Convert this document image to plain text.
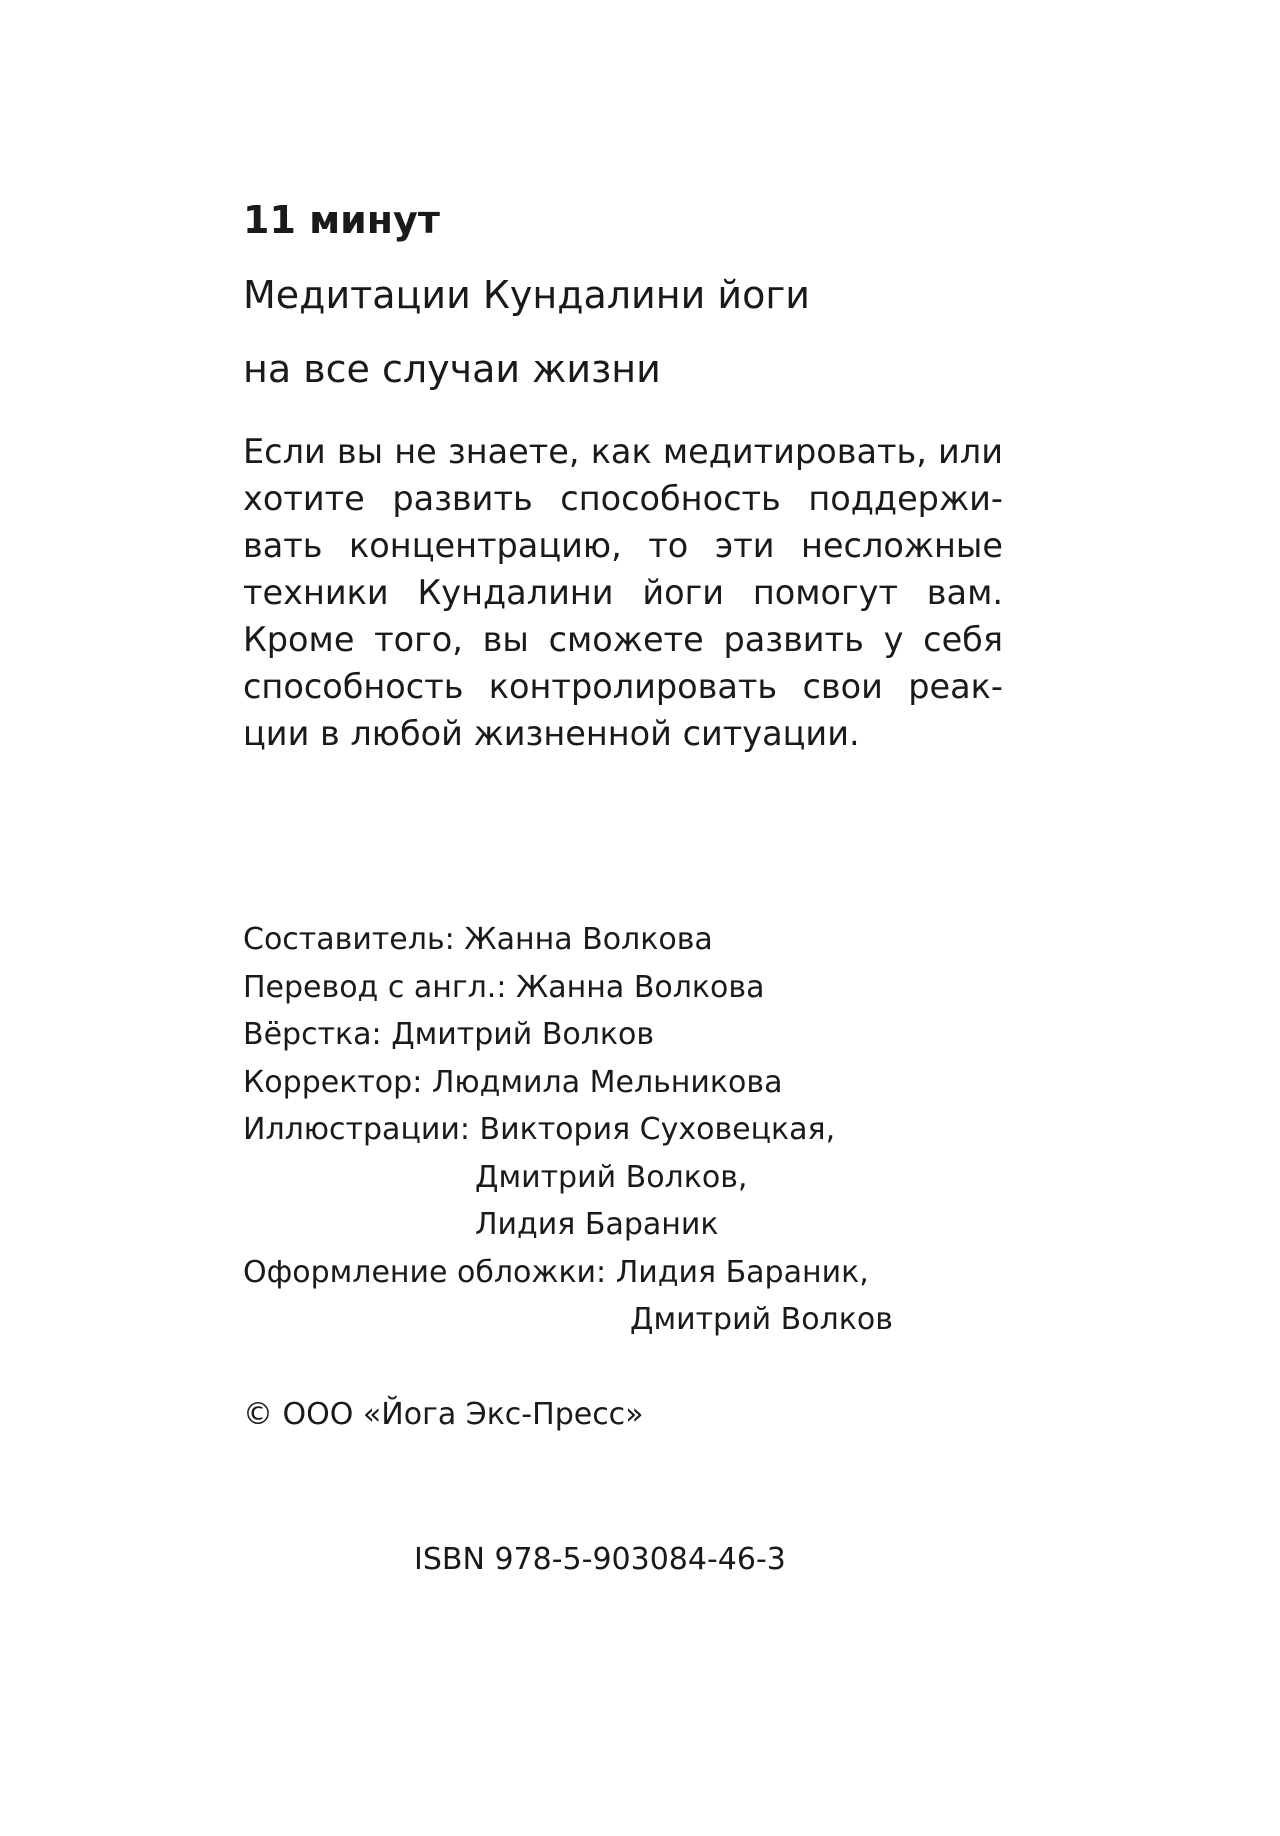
11 минут
Медитации Кундалини йоги
на все случаи жизни
Если вы не знаете, как медитировать, или
хотите развить способность поддержи-
вать концентрацию, то эти несложные
техники Кундалини йоги помогут вам.
Кроме того, вы сможете развить у себя
способность контролировать свои реак-
ции в любой жизненной ситуации.
Составитель: Жанна Волкова
Перевод с англ.: Жанна Волкова
Вёрстка: Дмитрий Волков
Корректор: Людмила Мельникова
Иллюстрации: Виктория Суховецкая,
Дмитрий Волков,
Лидия Бараник
Оформление обложки: Лидия Бараник,
Дмитрий Волков

© ООО «Йога Экс-Пресс»

ISBN 978-5-903084-46-3
